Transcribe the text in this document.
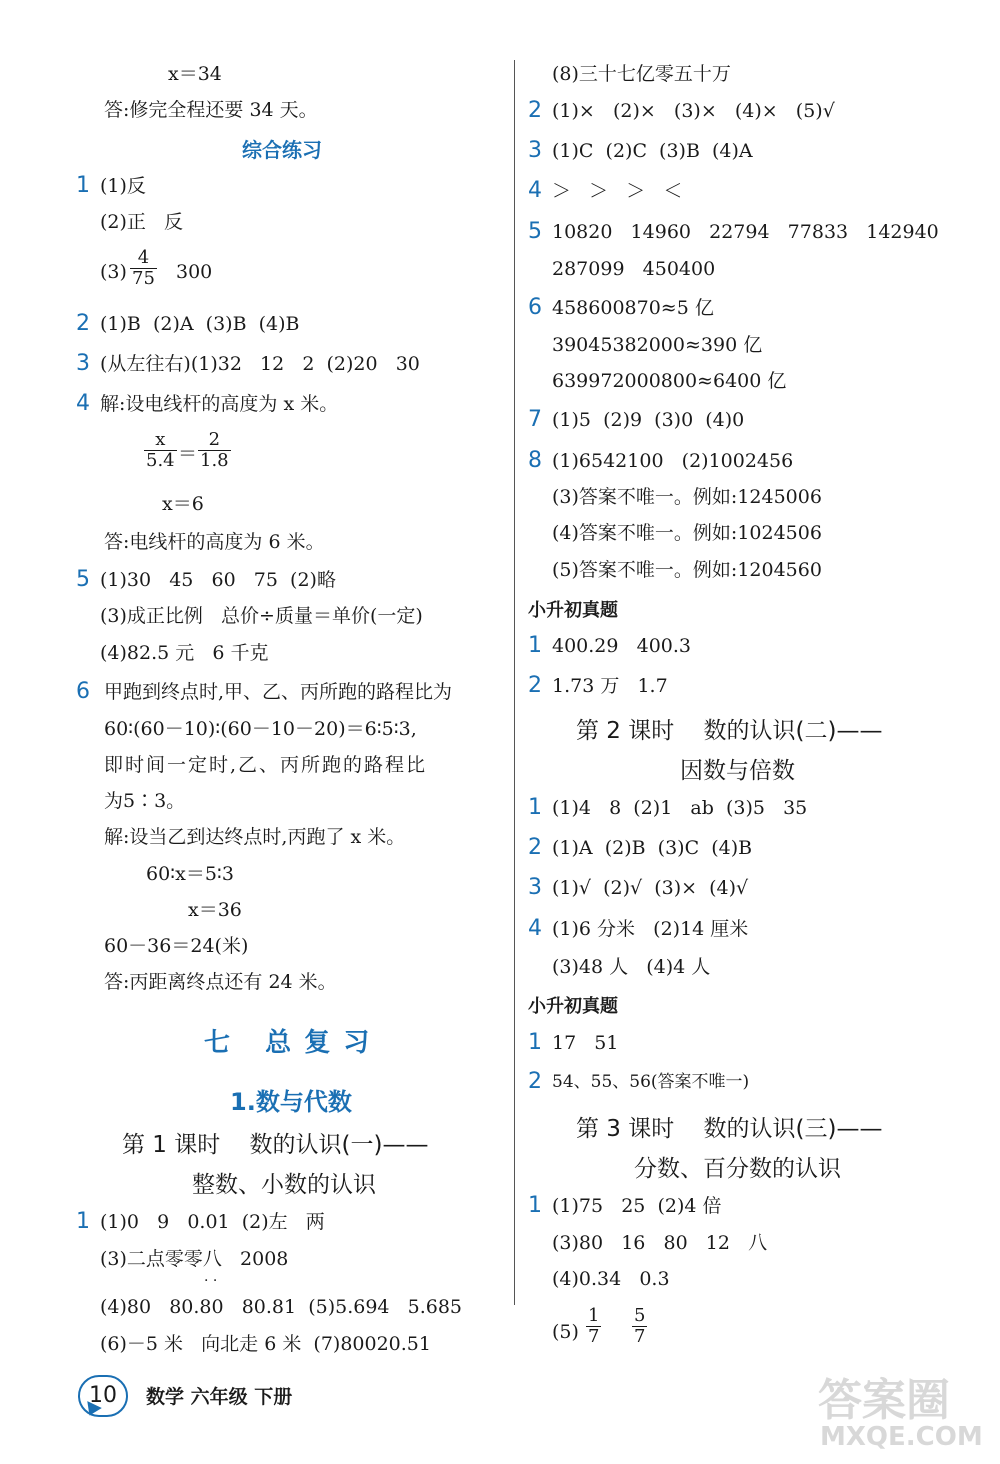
x＝34
答:修完全程还要 34 天。
综合练习
1 (1)反
(2)正   反
$(3) \frac{4}{75} 300$
2 (1)B  (2)A  (3)B  (4)B
3 (从左往右)(1)32   12   2  (2)20   30
4 解:设电线杆的高度为 x 米。
$\frac{x}{5.4} = \frac{2}{1.8}$
x＝6
答:电线杆的高度为 6 米。
5 (1)30   45   60   75  (2)略
(3)成正比例   总价÷质量＝单价(一定)
(4)82.5 元   6 千克
6 甲跑到终点时,甲、乙、丙所跑的路程比为
60∶(60－10)∶(60－10－20)＝6∶5∶3,
即时间一定时,乙、丙所跑的路程比
为5∶3。
解:设当乙到达终点时,丙跑了 x 米。
60∶x＝5∶3
x＝36
60－36＝24(米)
答:丙距离终点还有 24 米。
七   总 复 习
1.数与代数
第 1 课时    数的认识(一)——
整数、小数的认识
1 (1)0   9   0.01  (2)左   两
(3)二点零零八   2008
· ·
(4)80   80.80   80.81  (5)5.694   5.685
(6)－5 米   向北走 6 米  (7)80020.51
(8)三十七亿零五十万
2 (1)×   (2)×   (3)×   (4)×   (5)√
3 (1)C  (2)C  (3)B  (4)A
4 ＞   ＞   ＞   ＜
5 10820   14960   22794   77833   142940
287099   450400
6 458600870≈5 亿
39045382000≈390 亿
639972000800≈6400 亿
7 (1)5  (2)9  (3)0  (4)0
8 (1)6542100   (2)1002456
(3)答案不唯一。例如:1245006
(4)答案不唯一。例如:1024506
(5)答案不唯一。例如:1204560
小升初真题
1 400.29   400.3
2 1.73 万   1.7
第 2 课时    数的认识(二)——
因数与倍数
1 (1)4   8  (2)1   ab  (3)5   35
2 (1)A  (2)B  (3)C  (4)B
3 (1)√  (2)√  (3)×  (4)√
4 (1)6 分米   (2)14 厘米
(3)48 人   (4)4 人
小升初真题
1 17   51
2 54、55、56(答案不唯一)
第 3 课时    数的认识(三)——
分数、百分数的认识
1 (1)75   25  (2)4 倍
(3)80   16   80   12   八
(4)0.34   0.3
$(5) \frac{1}{7} \frac{5}{7}$
10	数学 六年级 下册	答案圈
MXQE.COM
